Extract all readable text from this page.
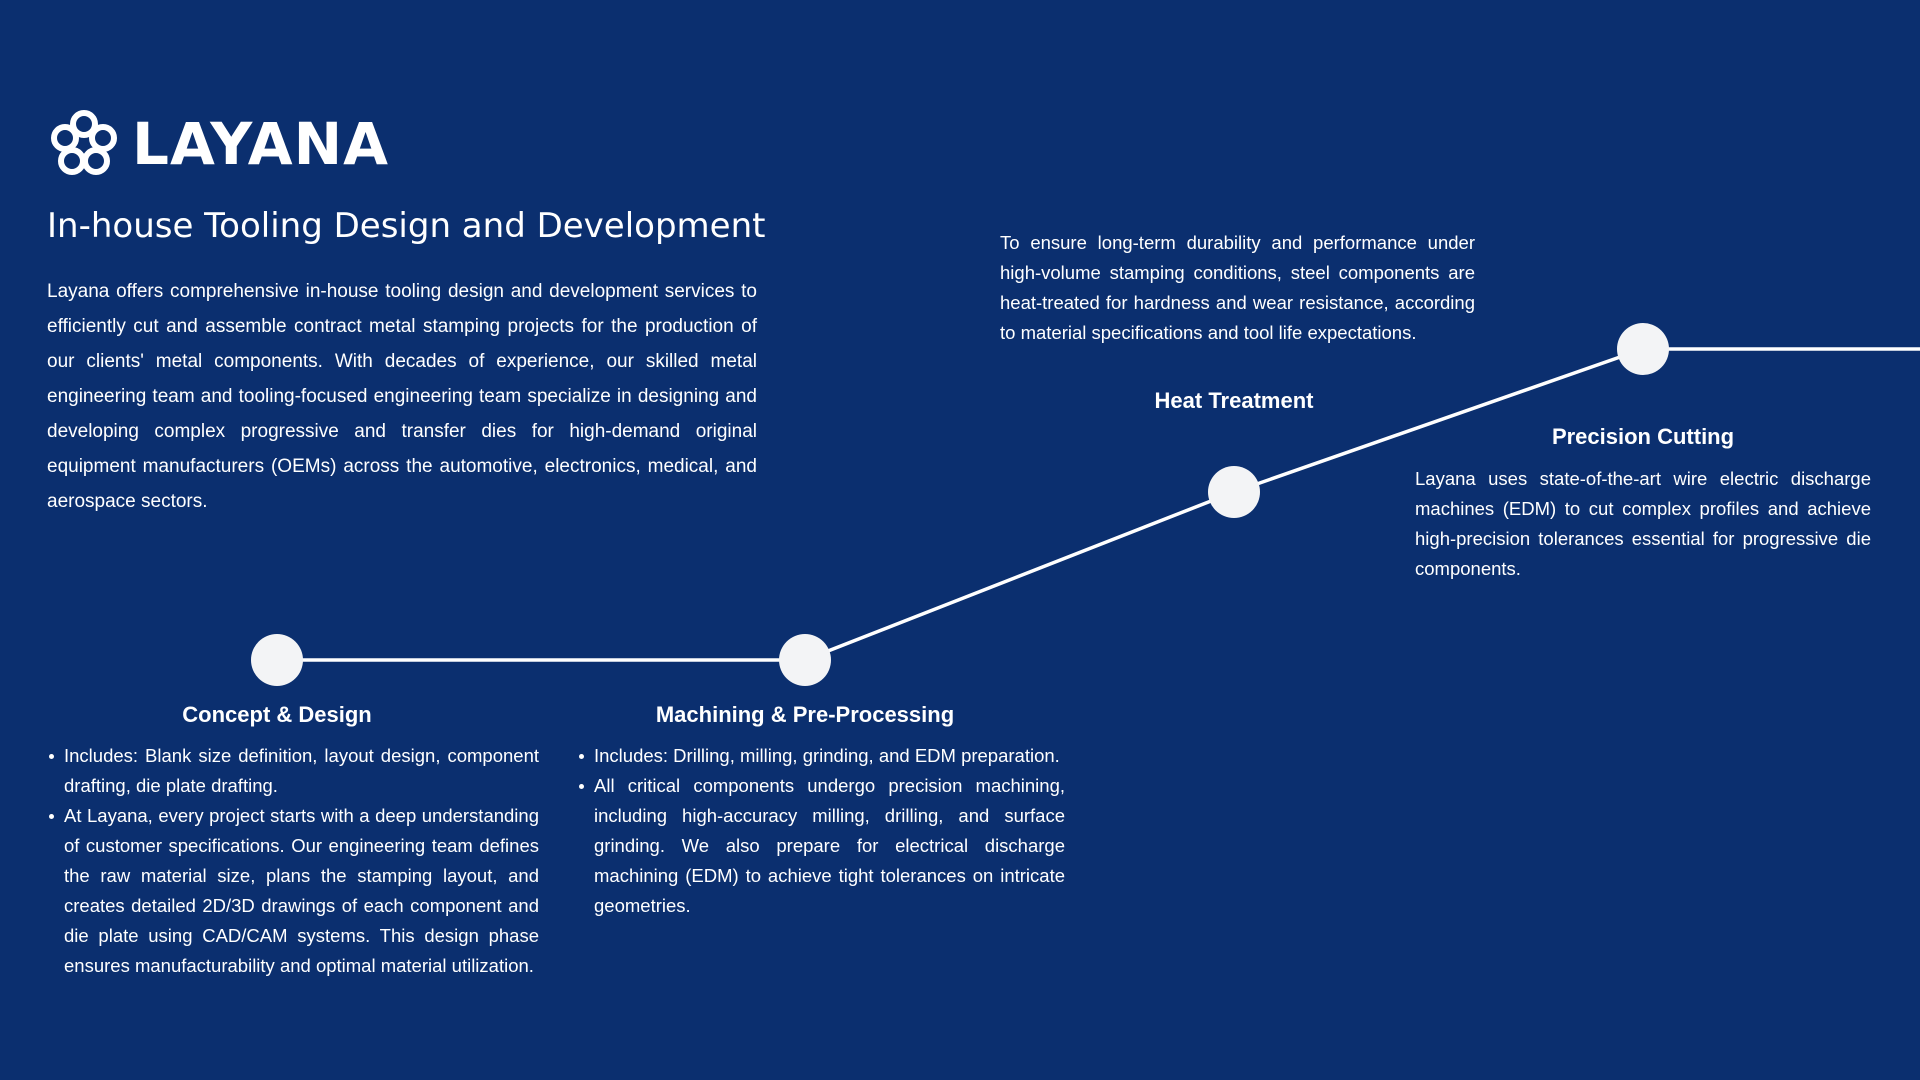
LAYANA
In-house Tooling Design and Development

Layana offers comprehensive in-house tooling design and development services to efficiently cut and assemble contract metal stamping projects for the production of our clients' metal components. With decades of experience, our skilled metal engineering team and tooling-focused engineering team specialize in designing and developing complex progressive and transfer dies for high-demand original equipment manufacturers (OEMs) across the automotive, electronics, medical, and aerospace sectors.

Concept & Design
Includes: Blank size definition, layout design, component drafting, die plate drafting.
At Layana, every project starts with a deep understanding of customer specifications. Our engineering team defines the raw material size, plans the stamping layout, and creates detailed 2D/3D drawings of each component and die plate using CAD/CAM systems. This design phase ensures manufacturability and optimal material utilization.
Machining & Pre-Processing
Includes: Drilling, milling, grinding, and EDM preparation.
All critical components undergo precision machining, including high-accuracy milling, drilling, and surface grinding. We also prepare for electrical discharge machining (EDM) to achieve tight tolerances on intricate geometries.

To ensure long-term durability and performance under high-volume stamping conditions, steel components are heat-treated for hardness and wear resistance, according to material specifications and tool life expectations.

Heat Treatment
Precision Cutting

Layana uses state-of-the-art wire electric discharge machines (EDM) to cut complex profiles and achieve high-precision tolerances essential for progressive die components.
